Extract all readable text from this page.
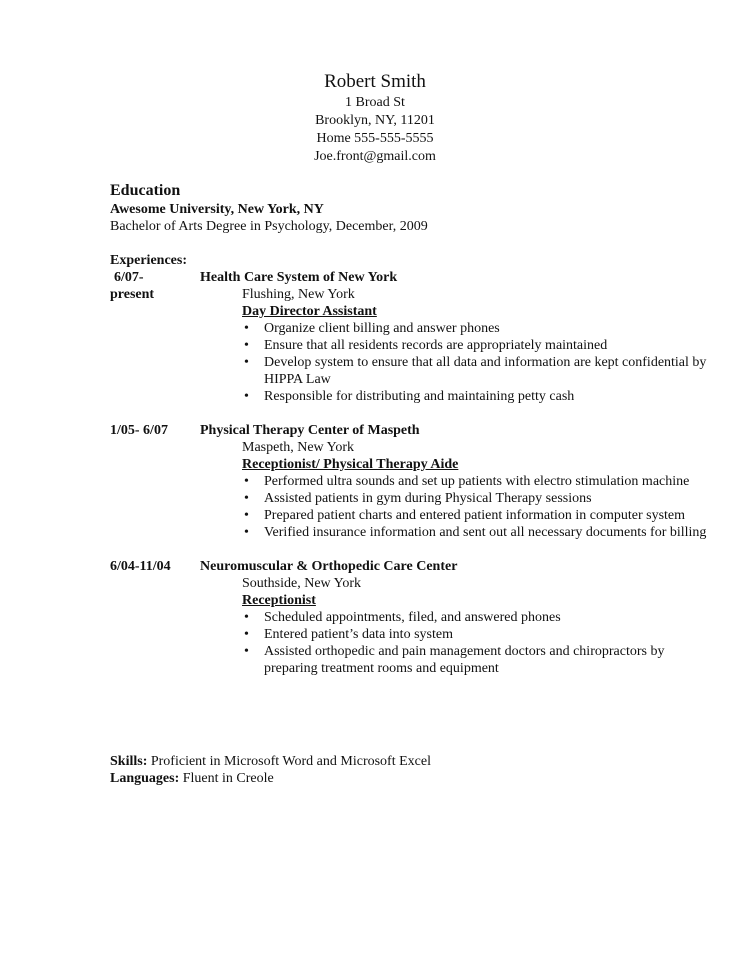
Robert Smith
1 Broad St
Brooklyn, NY, 11201
Home 555-555-5555
Joe.front@gmail.com
Education
Awesome University, New York, NY
Bachelor of Arts Degree in Psychology, December, 2009
Experiences:
6/07-	Health Care System of New York
present	Flushing, New York
Day Director Assistant
• Organize client billing and answer phones
• Ensure that all residents records are appropriately maintained
• Develop system to ensure that all data and information are kept confidential by HIPPA Law
• Responsible for distributing and maintaining petty cash
1/05- 6/07 Physical Therapy Center of Maspeth
Maspeth, New York
Receptionist/ Physical Therapy Aide
• Performed ultra sounds and set up patients with electro stimulation machine
• Assisted patients in gym during Physical Therapy sessions
• Prepared patient charts and entered patient information in computer system
• Verified insurance information and sent out all necessary documents for billing
6/04-11/04 Neuromuscular & Orthopedic Care Center
Southside, New York
Receptionist
• Scheduled appointments, filed, and answered phones
• Entered patient’s data into system
• Assisted orthopedic and pain management doctors and chiropractors by preparing treatment rooms and equipment
Skills: Proficient in Microsoft Word and Microsoft Excel
Languages: Fluent in Creole
